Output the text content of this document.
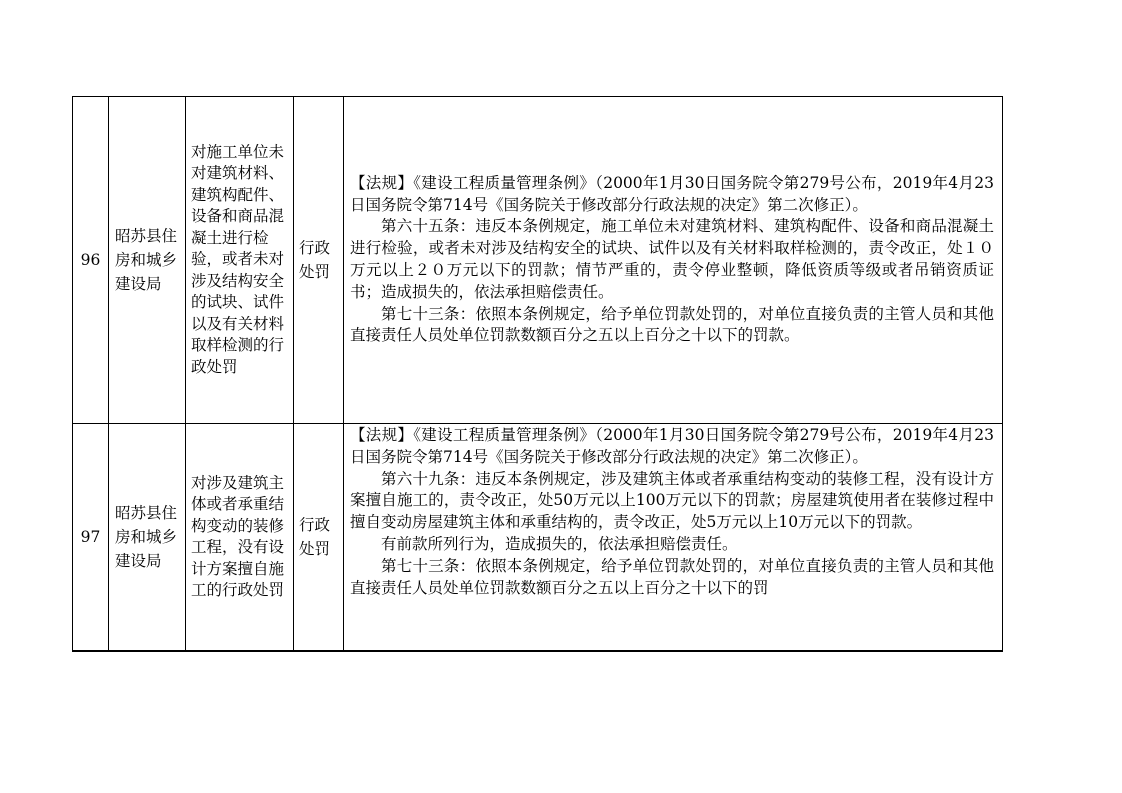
96	昭苏县住房和城乡建设局	对施工单位未对建筑材料、建筑构配件、设备和商品混凝土进行检验，或者未对涉及结构安全的试块、试件以及有关材料取样检测的行政处罚	行政处罚	【法规】《建设工程质量管理条例》（2000年1月30日国务院令第279号公布，2019年4月23日国务院令第714号《国务院关于修改部分行政法规的决定》第二次修正）。

第六十五条：违反本条例规定，施工单位未对建筑材料、建筑构配件、设备和商品混凝土进行检验，或者未对涉及结构安全的试块、试件以及有关材料取样检测的，责令改正，处１０万元以上２０万元以下的罚款；情节严重的，责令停业整顿，降低资质等级或者吊销资质证书；造成损失的，依法承担赔偿责任。

第七十三条：依照本条例规定，给予单位罚款处罚的，对单位直接负责的主管人员和其他直接责任人员处单位罚款数额百分之五以上百分之十以下的罚款。

97	昭苏县住房和城乡建设局	对涉及建筑主体或者承重结构变动的装修工程，没有设计方案擅自施工的行政处罚	行政处罚	【法规】《建设工程质量管理条例》（2000年1月30日国务院令第279号公布，2019年4月23日国务院令第714号《国务院关于修改部分行政法规的决定》第二次修正）。

第六十九条：违反本条例规定，涉及建筑主体或者承重结构变动的装修工程，没有设计方案擅自施工的，责令改正，处50万元以上100万元以下的罚款；房屋建筑使用者在装修过程中擅自变动房屋建筑主体和承重结构的，责令改正，处5万元以上10万元以下的罚款。

有前款所列行为，造成损失的，依法承担赔偿责任。

第七十三条：依照本条例规定，给予单位罚款处罚的，对单位直接负责的主管人员和其他直接责任人员处单位罚款数额百分之五以上百分之十以下的罚
